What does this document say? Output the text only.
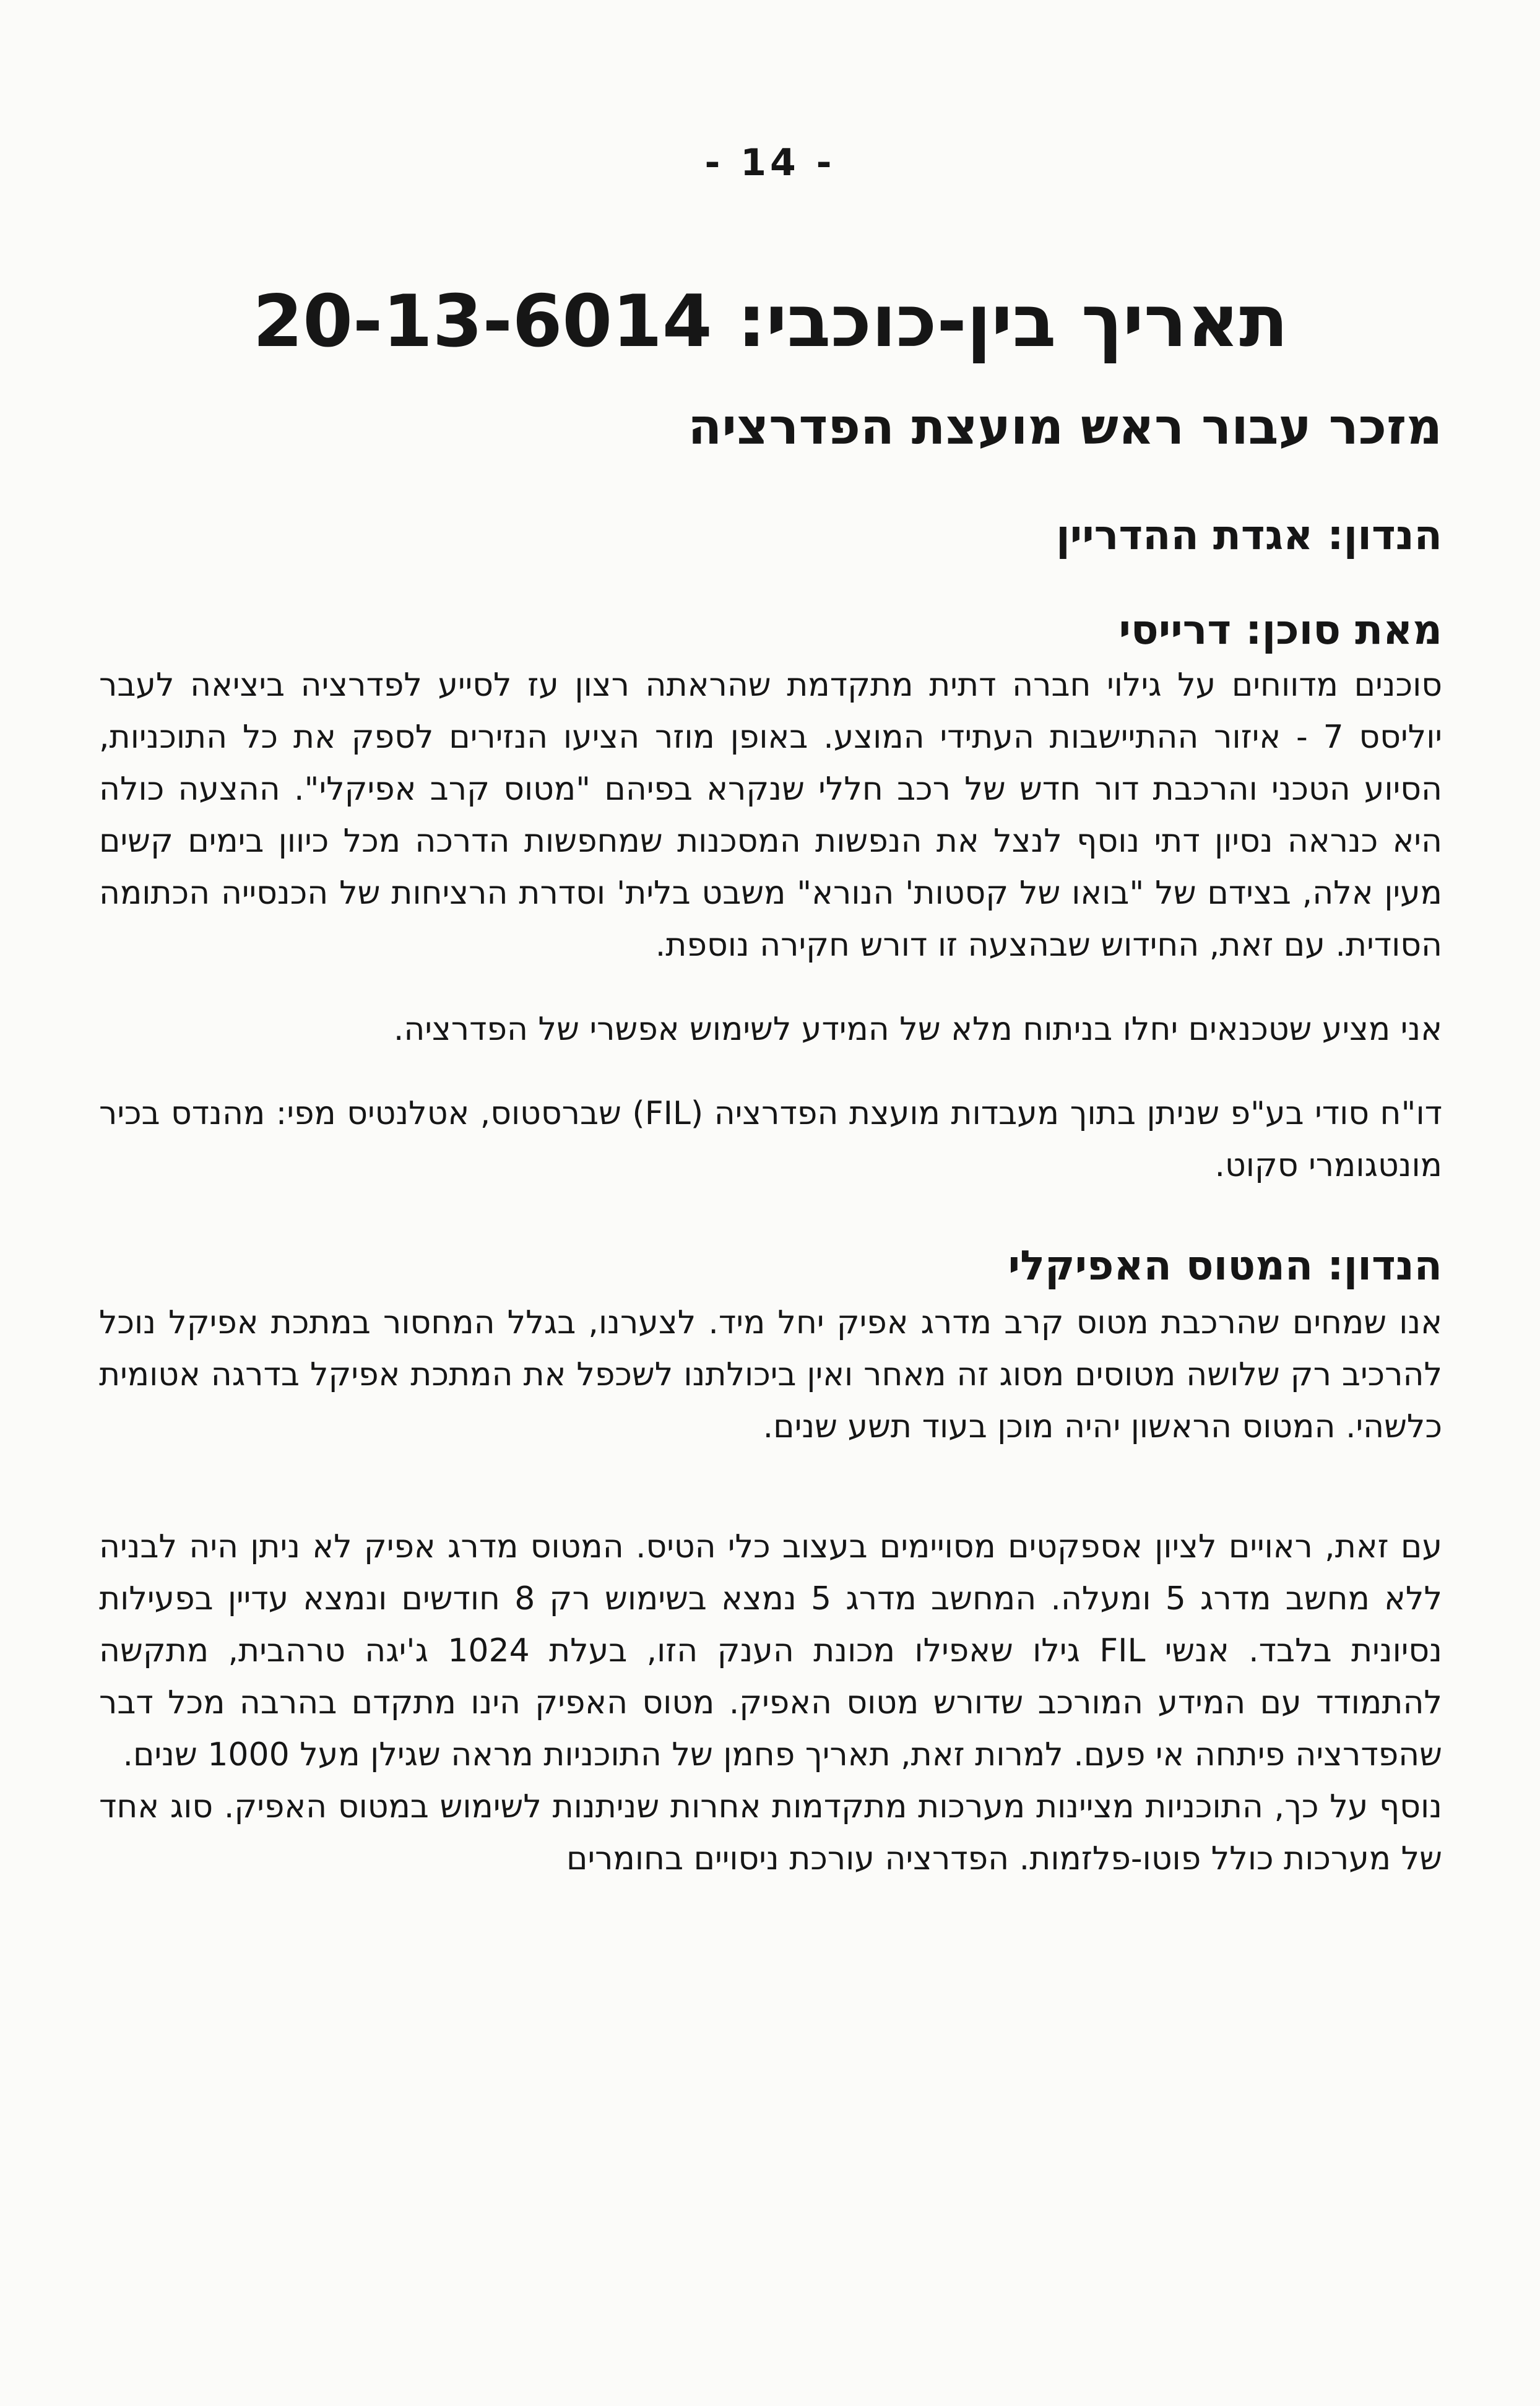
- 14 -
תאריך בין-כוכבי: 20-13-6014
מזכר עבור ראש מועצת הפדרציה
הנדון: אגדת ההדריין
מאת סוכן: דרייסי

סוכנים מדווחים על גילוי חברה דתית מתקדמת שהראתה רצון עז לסייע לפדרציה ביציאה לעבר יוליסס 7 - איזור ההתיישבות העתידי המוצע. באופן מוזר הציעו הנזירים לספק את כל התוכניות, הסיוע הטכני והרכבת דור חדש של רכב חללי שנקרא בפיהם "מטוס קרב אפיקלי". ההצעה כולה היא כנראה נסיון דתי נוסף לנצל את הנפשות המסכנות שמחפשות הדרכה מכל כיוון בימים קשים מעין אלה, בצידם של "בואו של קסטות' הנורא" משבט בלית' וסדרת הרציחות של הכנסייה הכתומה הסודית. עם זאת, החידוש שבהצעה זו דורש חקירה נוספת.

אני מציע שטכנאים יחלו בניתוח מלא של המידע לשימוש אפשרי של הפדרציה.

דו"ח סודי בע"פ שניתן בתוך מעבדות מועצת הפדרציה (FIL) שברסטוס, אטלנטיס מפי: מהנדס בכיר מונטגומרי סקוט.

הנדון: המטוס האפיקלי

אנו שמחים שהרכבת מטוס קרב מדרג אפיק יחל מיד. לצערנו, בגלל המחסור במתכת אפיקל נוכל להרכיב רק שלושה מטוסים מסוג זה מאחר ואין ביכולתנו לשכפל את המתכת אפיקל בדרגה אטומית כלשהי. המטוס הראשון יהיה מוכן בעוד תשע שנים.

עם זאת, ראויים לציון אספקטים מסויימים בעצוב כלי הטיס. המטוס מדרג אפיק לא ניתן היה לבניה ללא מחשב מדרג 5 ומעלה. המחשב מדרג 5 נמצא בשימוש רק 8 חודשים ונמצא עדיין בפעילות נסיונית בלבד. אנשי FIL גילו שאפילו מכונת הענק הזו, בעלת 1024 ג'יגה טרהבית, מתקשה להתמודד עם המידע המורכב שדורש מטוס האפיק. מטוס האפיק הינו מתקדם בהרבה מכל דבר שהפדרציה פיתחה אי פעם. למרות זאת, תאריך פחמן של התוכניות מראה שגילן מעל 1000 שנים.

נוסף על כך, התוכניות מציינות מערכות מתקדמות אחרות שניתנות לשימוש במטוס האפיק. סוג אחד של מערכות כולל פוטו-פלזמות. הפדרציה עורכת ניסויים בחומרים
